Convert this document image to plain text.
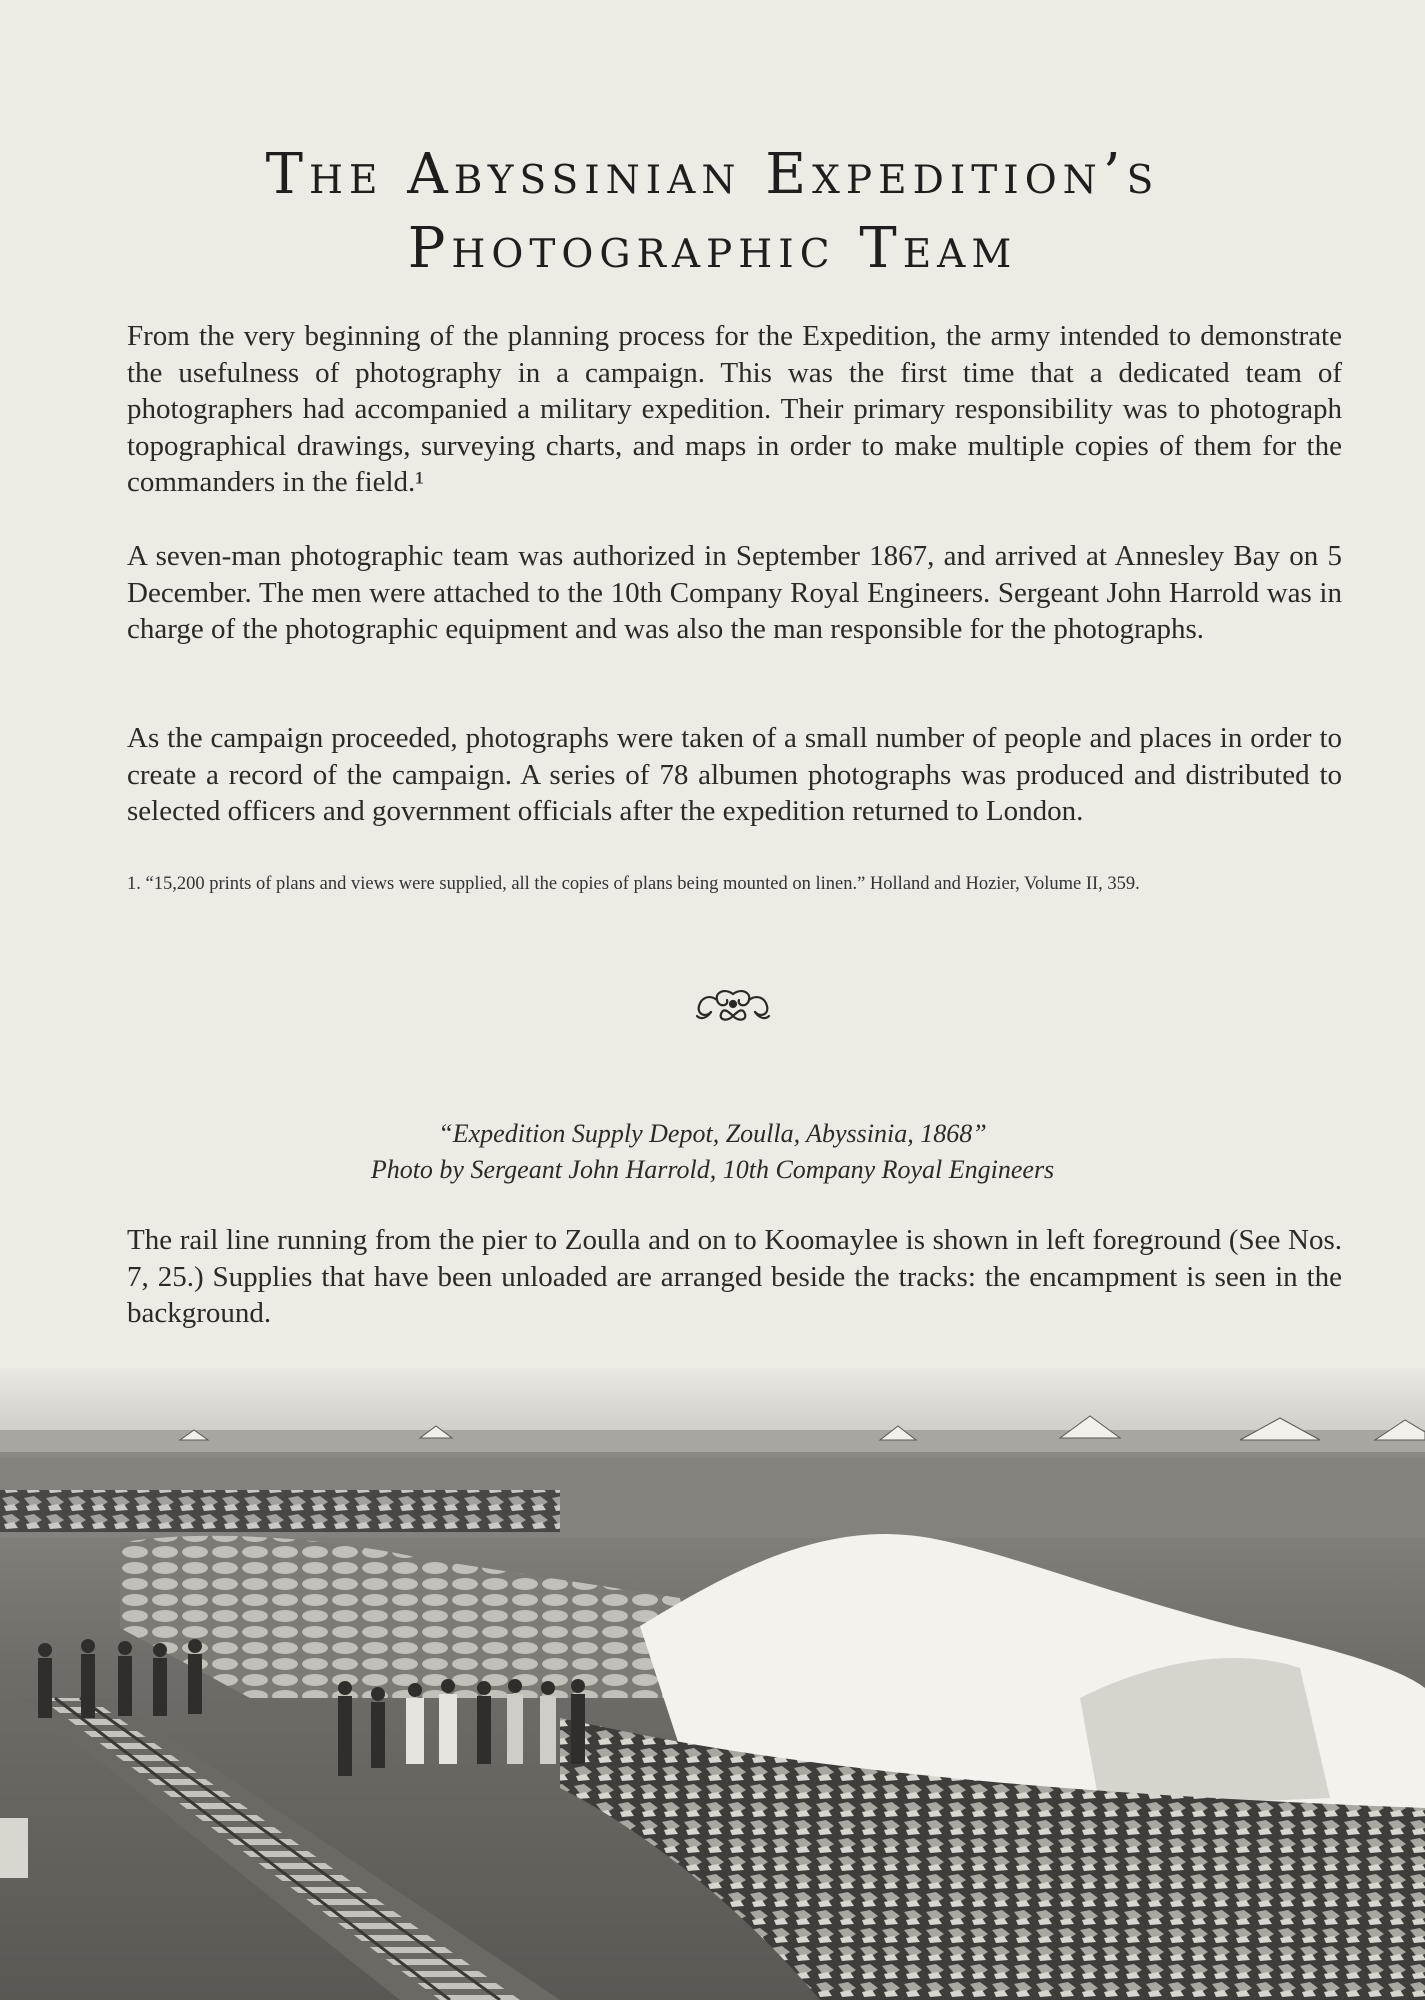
The Abyssinian Expedition’s
Photographic Team

From the very beginning of the planning process for the Expedition, the army intended to demonstrate the usefulness of photography in a campaign. This was the first time that a dedicated team of photographers had accompanied a military expedition. Their primary responsibility was to photograph topographical drawings, surveying charts, and maps in order to make multiple copies of them for the commanders in the field.¹

A seven-man photographic team was authorized in September 1867, and arrived at Annesley Bay on 5 December. The men were attached to the 10th Company Royal Engineers. Sergeant John Harrold was in charge of the photographic equipment and was also the man responsible for the photographs.

As the campaign proceeded, photographs were taken of a small number of people and places in order to create a record of the campaign. A series of 78 albumen photographs was produced and distributed to selected officers and government officials after the expedition returned to London.

1. “15,200 prints of plans and views were supplied, all the copies of plans being mounted on linen.” Holland and Hozier, Volume II, 359.

“Expedition Supply Depot, Zoulla, Abyssinia, 1868”
Photo by Sergeant John Harrold, 10th Company Royal Engineers

The rail line running from the pier to Zoulla and on to Koomaylee is shown in left foreground (See Nos. 7, 25.) Supplies that have been unloaded are arranged beside the tracks: the encampment is seen in the background.
